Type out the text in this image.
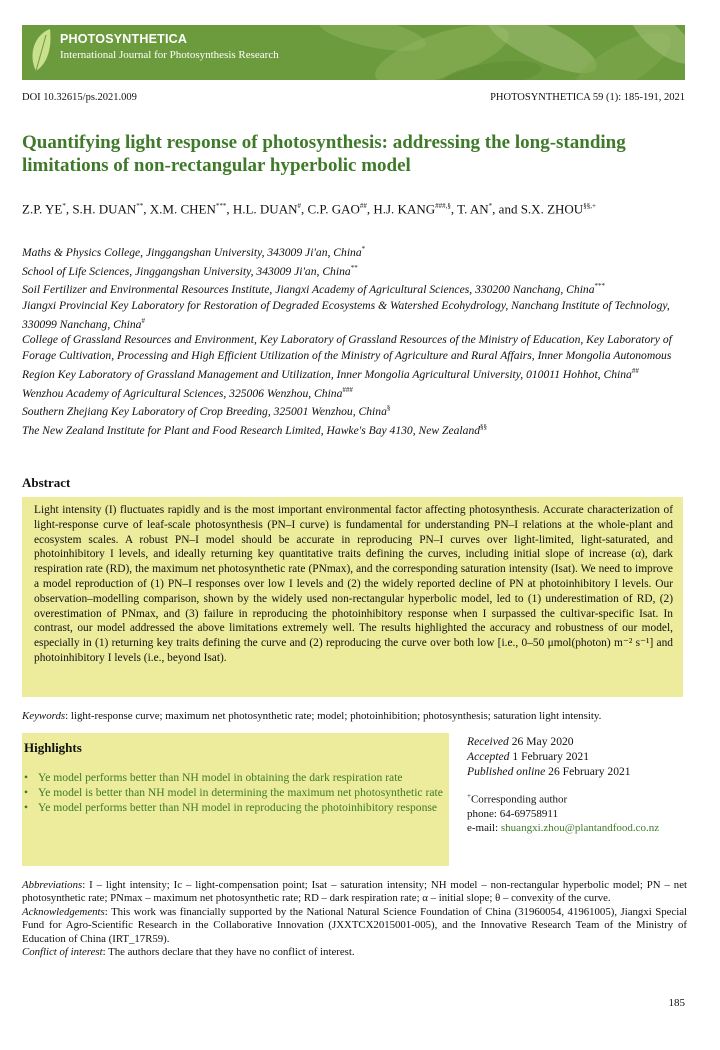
PHOTOSYNTHETICA
International Journal for Photosynthesis Research
DOI 10.32615/ps.2021.009	PHOTOSYNTHETICA 59 (1): 185-191, 2021
Quantifying light response of photosynthesis: addressing the long-standing limitations of non-rectangular hyperbolic model
Z.P. YE*, S.H. DUAN**, X.M. CHEN***, H.L. DUAN#, C.P. GAO##, H.J. KANG###,§, T. AN*, and S.X. ZHOU§§,+
Maths & Physics College, Jinggangshan University, 343009 Ji'an, China*
School of Life Sciences, Jinggangshan University, 343009 Ji'an, China**
Soil Fertilizer and Environmental Resources Institute, Jiangxi Academy of Agricultural Sciences, 330200 Nanchang, China***
Jiangxi Provincial Key Laboratory for Restoration of Degraded Ecosystems & Watershed Ecohydrology, Nanchang Institute of Technology, 330099 Nanchang, China#
College of Grassland Resources and Environment, Key Laboratory of Grassland Resources of the Ministry of Education, Key Laboratory of Forage Cultivation, Processing and High Efficient Utilization of the Ministry of Agriculture and Rural Affairs, Inner Mongolia Autonomous Region Key Laboratory of Grassland Management and Utilization, Inner Mongolia Agricultural University, 010011 Hohhot, China##
Wenzhou Academy of Agricultural Sciences, 325006 Wenzhou, China###
Southern Zhejiang Key Laboratory of Crop Breeding, 325001 Wenzhou, China§
The New Zealand Institute for Plant and Food Research Limited, Hawke's Bay 4130, New Zealand§§
Abstract
Light intensity (I) fluctuates rapidly and is the most important environmental factor affecting photosynthesis. Accurate characterization of light-response curve of leaf-scale photosynthesis (PN–I curve) is fundamental for understanding PN–I relations at the whole-plant and ecosystem scales. A robust PN–I model should be accurate in reproducing PN–I curves over light-limited, light-saturated, and photoinhibitory I levels, and ideally returning key quantitative traits defining the curves, including initial slope of increase (α), dark respiration rate (RD), the maximum net photosynthetic rate (PNmax), and the corresponding saturation intensity (Isat). We need to improve a model reproduction of (1) PN–I responses over low I levels and (2) the widely reported decline of PN at photoinhibitory I levels. Our observation–modelling comparison, shown by the widely used non-rectangular hyperbolic model, led to (1) underestimation of RD, (2) overestimation of PNmax, and (3) failure in reproducing the photoinhibitory response when I surpassed the cultivar-specific Isat. In contrast, our model addressed the above limitations extremely well. The results highlighted the accuracy and robustness of our model, especially in (1) returning key traits defining the curve and (2) reproducing the curve over both low [i.e., 0–50 μmol(photon) m⁻² s⁻¹] and photoinhibitory I levels (i.e., beyond Isat).
Keywords: light-response curve; maximum net photosynthetic rate; model; photoinhibition; photosynthesis; saturation light intensity.
Highlights
• Ye model performs better than NH model in obtaining the dark respiration rate
• Ye model is better than NH model in determining the maximum net photosynthetic rate
• Ye model performs better than NH model in reproducing the photoinhibitory response
Received 26 May 2020
Accepted 1 February 2021
Published online 26 February 2021
+Corresponding author
phone: 64-69758911
e-mail: shuangxi.zhou@plantandfood.co.nz

Abbreviations: I – light intensity; Ic – light-compensation point; Isat – saturation intensity; NH model – non-rectangular hyperbolic model; PN – net photosynthetic rate; PNmax – maximum net photosynthetic rate; RD – dark respiration rate; α – initial slope; θ – convexity of the curve.

Acknowledgements: This work was financially supported by the National Natural Science Foundation of China (31960054, 41961005), Jiangxi Special Fund for Agro-Scientific Research in the Collaborative Innovation (JXXTCX2015001-005), and the Innovative Research Team of the Ministry of Education of China (IRT_17R59).

Conflict of interest: The authors declare that they have no conflict of interest.

185
